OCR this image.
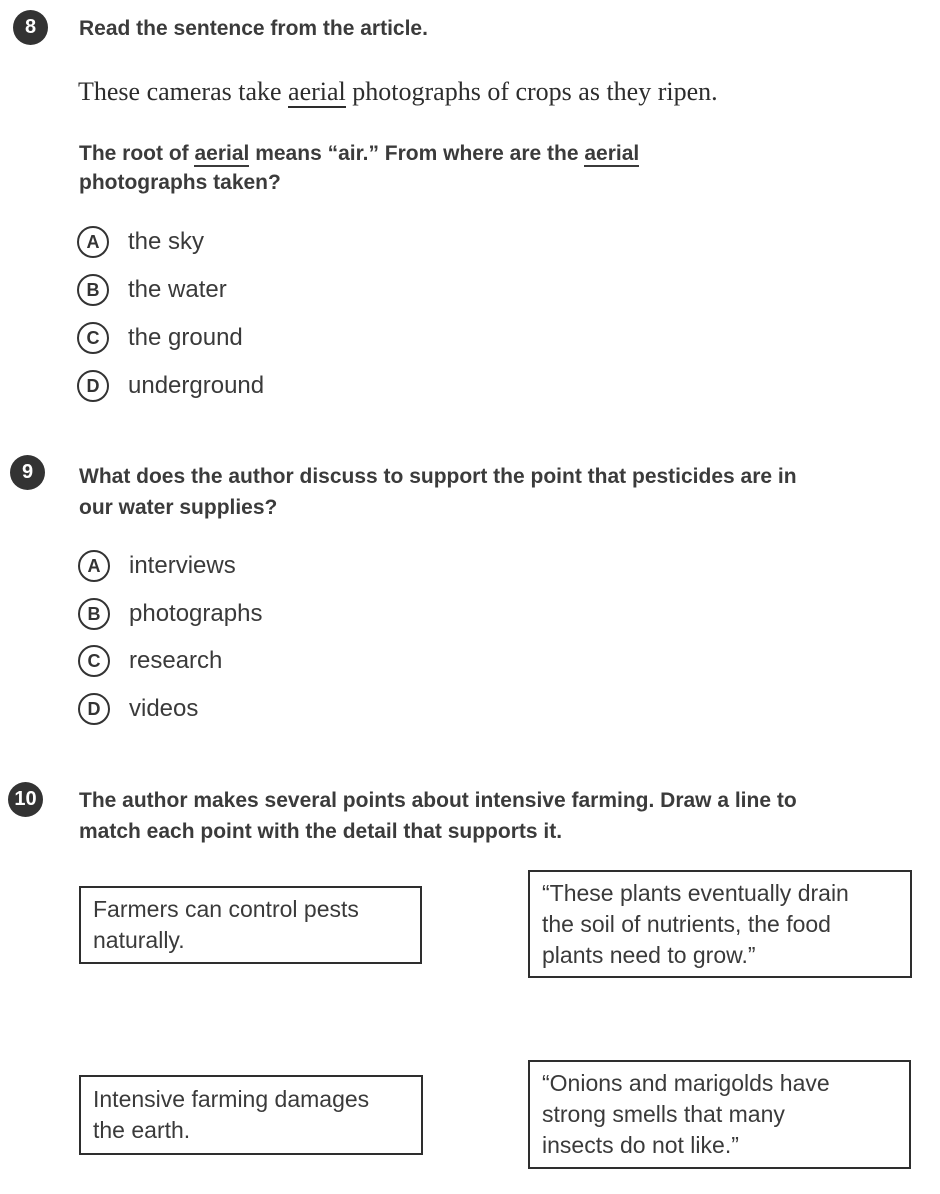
8	Read the sentence from the article.
These cameras take aerial photographs of crops as they ripen.
The root of aerial means “air.” From where are the aerial
photographs taken?
A	the sky
B	the water
C	the ground
D	underground
9	What does the author discuss to support the point that pesticides are in
our water supplies?
A	interviews
B	photographs
C	research
D	videos
10	The author makes several points about intensive farming. Draw a line to
match each point with the detail that supports it.
Farmers can control pests
naturally.
“These plants eventually drain
the soil of nutrients, the food
plants need to grow.”
Intensive farming damages
the earth.
“Onions and marigolds have
strong smells that many
insects do not like.”
